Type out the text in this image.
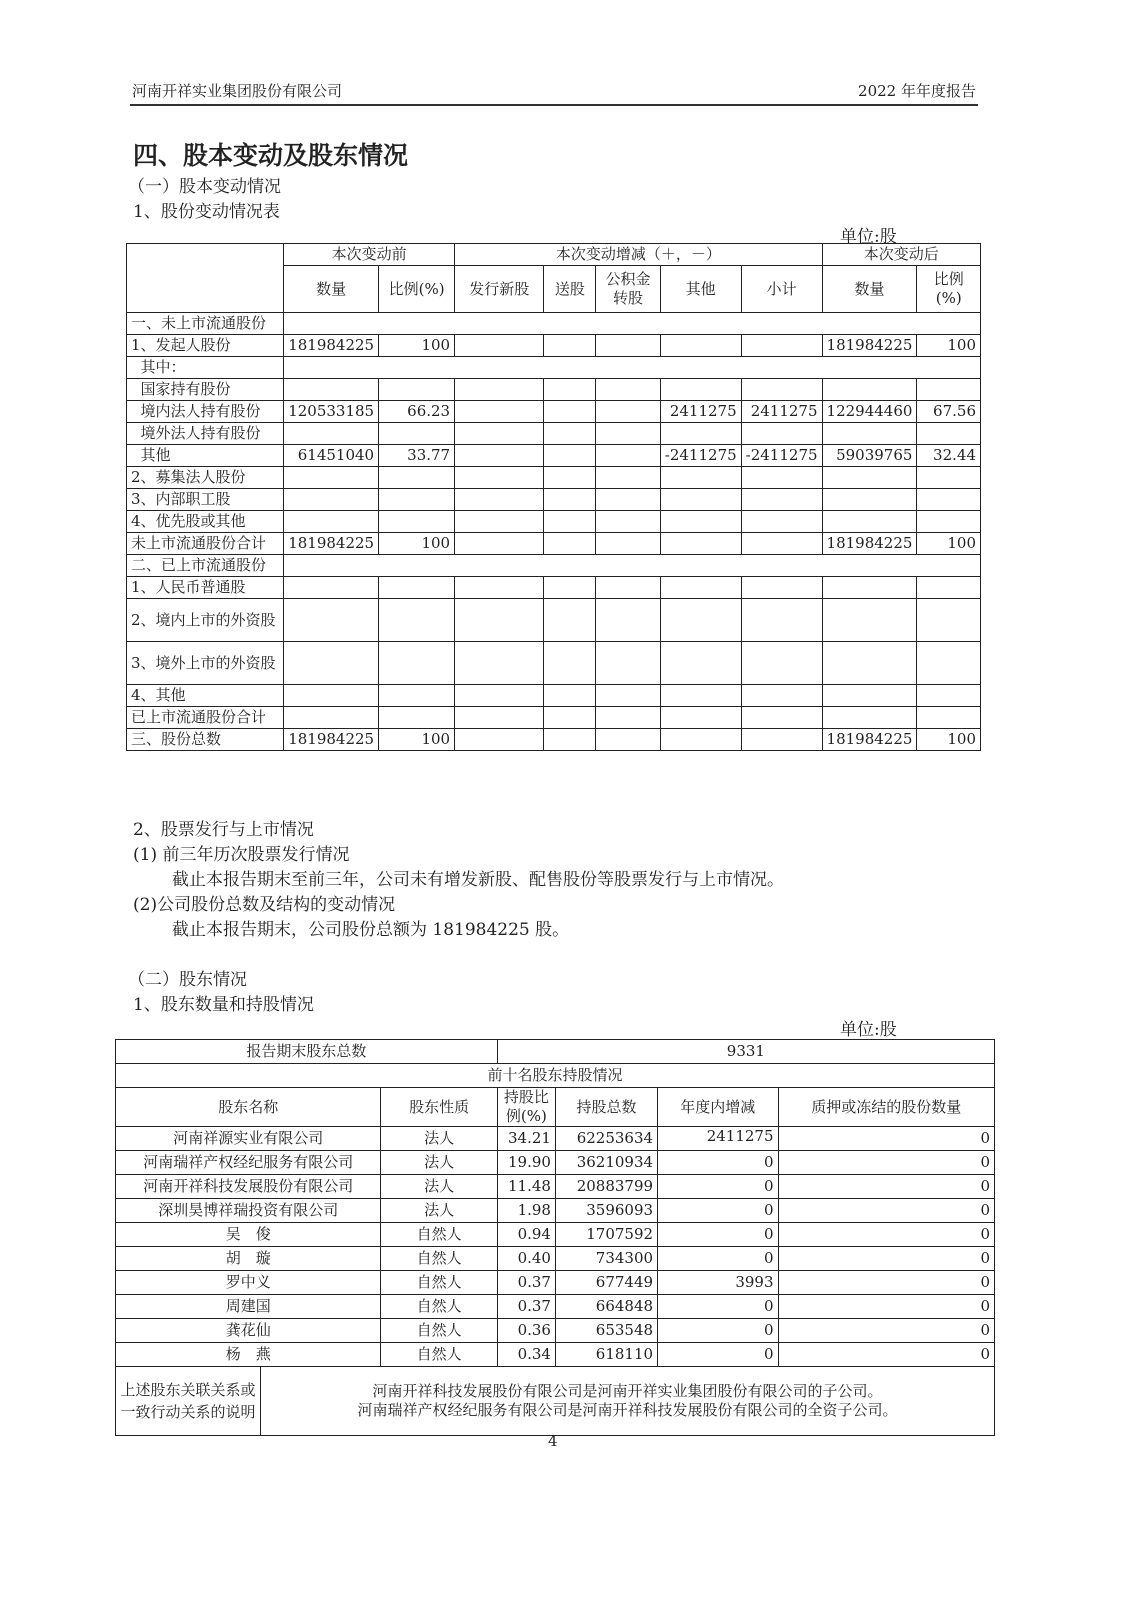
河南开祥实业集团股份有限公司	2022 年年度报告
四、股本变动及股东情况
（一）股本变动情况
1、股份变动情况表
单位:股
	本次变动前		本次变动增减（＋，－）					本次变动后	
	数量	比例(%)	发行新股	送股	公积金转股	其他	小计	数量	比例(%)
一、未上市流通股份									
1、发起人股份	181984225	100						181984225	100
其中：									
国家持有股份									
境内法人持有股份	120533185	66.23				2411275	2411275	122944460	67.56
境外法人持有股份									
其他	61451040	33.77				-2411275	-2411275	59039765	32.44
2、募集法人股份									
3、内部职工股									
4、优先股或其他									
未上市流通股份合计	181984225	100						181984225	100
二、已上市流通股份									
1、人民币普通股									
2、境内上市的外资股									
3、境外上市的外资股									
4、其他									
已上市流通股份合计									
三、股份总数	181984225	100						181984225	100
2、股票发行与上市情况
(1) 前三年历次股票发行情况
截止本报告期末至前三年，公司未有增发新股、配售股份等股票发行与上市情况。
(2)公司股份总数及结构的变动情况
截止本报告期末，公司股份总额为 181984225 股。
（二）股东情况
1、股东数量和持股情况
单位:股
报告期末股东总数			9331			
前十名股东持股情况						
股东名称		股东性质	持股比例(%)	持股总数	年度内增减	质押或冻结的股份数量
河南祥源实业有限公司		法人	34.21	62253634	2411275	0
河南瑞祥产权经纪服务有限公司		法人	19.90	36210934	0	0
河南开祥科技发展股份有限公司		法人	11.48	20883799	0	0
深圳昊博祥瑞投资有限公司		法人	1.98	3596093	0	0
吴　俊		自然人	0.94	1707592	0	0
胡　璇		自然人	0.40	734300	0	0
罗中义		自然人	0.37	677449	3993	0
周建国		自然人	0.37	664848	0	0
龚花仙		自然人	0.36	653548	0	0
杨　燕		自然人	0.34	618110	0	0
上述股东关联关系或一致行动关系的说明	河南开祥科技发展股份有限公司是河南开祥实业集团股份有限公司的子公司。
河南瑞祥产权经纪服务有限公司是河南开祥科技发展股份有限公司的全资子公司。					
4
